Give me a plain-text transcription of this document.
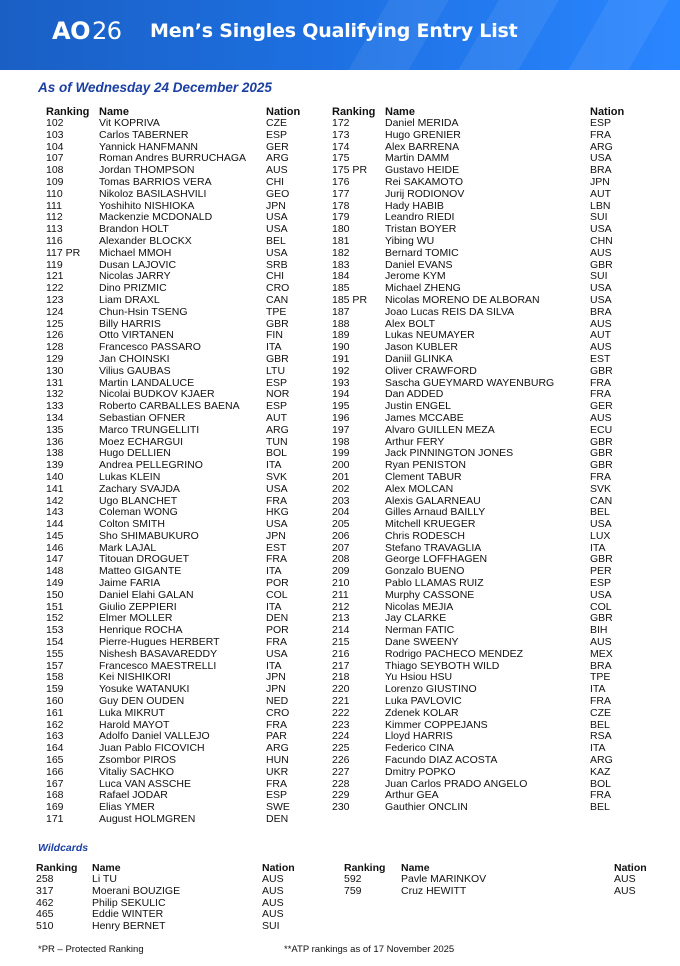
AO26 Men’s Singles Qualifying Entry List
As of Wednesday 24 December 2025
Ranking Name	Nation	Ranking Name	Nation
102	Vit KOPRIVA	CZE
103	Carlos TABERNER	ESP
104	Yannick HANFMANN	GER
107	Roman Andres BURRUCHAGA ARG
108	Jordan THOMPSON	AUS
109	Tomas BARRIOS VERA	CHI
110	Nikoloz BASILASHVILI	GEO
111	Yoshihito NISHIOKA	JPN
112	Mackenzie MCDONALD	USA
113	Brandon HOLT	USA
116	Alexander BLOCKX	BEL
117 PR Michael MMOH	USA
119	Dusan LAJOVIC	SRB
121	Nicolas JARRY	CHI
122	Dino PRIZMIC	CRO
123	Liam DRAXL	CAN
124	Chun-Hsin TSENG	TPE
125	Billy HARRIS	GBR
126	Otto VIRTANEN	FIN
128	Francesco PASSARO	ITA
129	Jan CHOINSKI	GBR
130	Vilius GAUBAS	LTU
131	Martin LANDALUCE	ESP
132	Nicolai BUDKOV KJAER	NOR
133	Roberto CARBALLES BAENA	ESP
134	Sebastian OFNER	AUT
135	Marco TRUNGELLITI	ARG
136	Moez ECHARGUI	TUN
138	Hugo DELLIEN	BOL
139	Andrea PELLEGRINO	ITA
140	Lukas KLEIN	SVK
141	Zachary SVAJDA	USA
142	Ugo BLANCHET	FRA
143	Coleman WONG	HKG
144	Colton SMITH	USA
145	Sho SHIMABUKURO	JPN
146	Mark LAJAL	EST
147	Titouan DROGUET	FRA
148	Matteo GIGANTE	ITA
149	Jaime FARIA	POR
150	Daniel Elahi GALAN	COL
151	Giulio ZEPPIERI	ITA
152	Elmer MOLLER	DEN
153	Henrique ROCHA	POR
154	Pierre-Hugues HERBERT	FRA
155	Nishesh BASAVAREDDY	USA
157	Francesco MAESTRELLI	ITA
158	Kei NISHIKORI	JPN
159	Yosuke WATANUKI	JPN
160	Guy DEN OUDEN	NED
161	Luka MIKRUT	CRO
162	Harold MAYOT	FRA
163	Adolfo Daniel VALLEJO	PAR
164	Juan Pablo FICOVICH	ARG
165	Zsombor PIROS	HUN
166	Vitaliy SACHKO	UKR
167	Luca VAN ASSCHE	FRA
168	Rafael JODAR	ESP
169	Elias YMER	SWE
171	August HOLMGREN	DEN
172	Daniel MERIDA	ESP
173	Hugo GRENIER	FRA
174	Alex BARRENA	ARG
175	Martin DAMM	USA
175 PR Gustavo HEIDE	BRA
176	Rei SAKAMOTO	JPN
177	Jurij RODIONOV	AUT
178	Hady HABIB	LBN
179	Leandro RIEDI	SUI
180	Tristan BOYER	USA
181	Yibing WU	CHN
182	Bernard TOMIC	AUS
183	Daniel EVANS	GBR
184	Jerome KYM	SUI
185	Michael ZHENG	USA
185 PR Nicolas MORENO DE ALBORAN	USA
187	Joao Lucas REIS DA SILVA	BRA
188	Alex BOLT	AUS
189	Lukas NEUMAYER	AUT
190	Jason KUBLER	AUS
191	Daniil GLINKA	EST
192	Oliver CRAWFORD	GBR
193	Sascha GUEYMARD WAYENBURG	FRA
194	Dan ADDED	FRA
195	Justin ENGEL	GER
196	James MCCABE	AUS
197	Alvaro GUILLEN MEZA	ECU
198	Arthur FERY	GBR
199	Jack PINNINGTON JONES	GBR
200	Ryan PENISTON	GBR
201	Clement TABUR	FRA
202	Alex MOLCAN	SVK
203	Alexis GALARNEAU	CAN
204	Gilles Arnaud BAILLY	BEL
205	Mitchell KRUEGER	USA
206	Chris RODESCH	LUX
207	Stefano TRAVAGLIA	ITA
208	George LOFFHAGEN	GBR
209	Gonzalo BUENO	PER
210	Pablo LLAMAS RUIZ	ESP
211	Murphy CASSONE	USA
212	Nicolas MEJIA	COL
213	Jay CLARKE	GBR
214	Nerman FATIC	BIH
215	Dane SWEENY	AUS
216	Rodrigo PACHECO MENDEZ	MEX
217	Thiago SEYBOTH WILD	BRA
218	Yu Hsiou HSU	TPE
220	Lorenzo GIUSTINO	ITA
221	Luka PAVLOVIC	FRA
222	Zdenek KOLAR	CZE
223	Kimmer COPPEJANS	BEL
224	Lloyd HARRIS	RSA
225	Federico CINA	ITA
226	Facundo DIAZ ACOSTA	ARG
227	Dmitry POPKO	KAZ
228	Juan Carlos PRADO ANGELO	BOL
229	Arthur GEA	FRA
230	Gauthier ONCLIN	BEL
Wildcards
Ranking Name	Nation	Ranking Name	Nation
258	Li TU	AUS
317	Moerani BOUZIGE	AUS
462	Philip SEKULIC	AUS
465	Eddie WINTER	AUS
510	Henry BERNET	SUI
592	Pavle MARINKOV	AUS
759	Cruz HEWITT	AUS
*PR – Protected Ranking	**ATP rankings as of 17 November 2025
